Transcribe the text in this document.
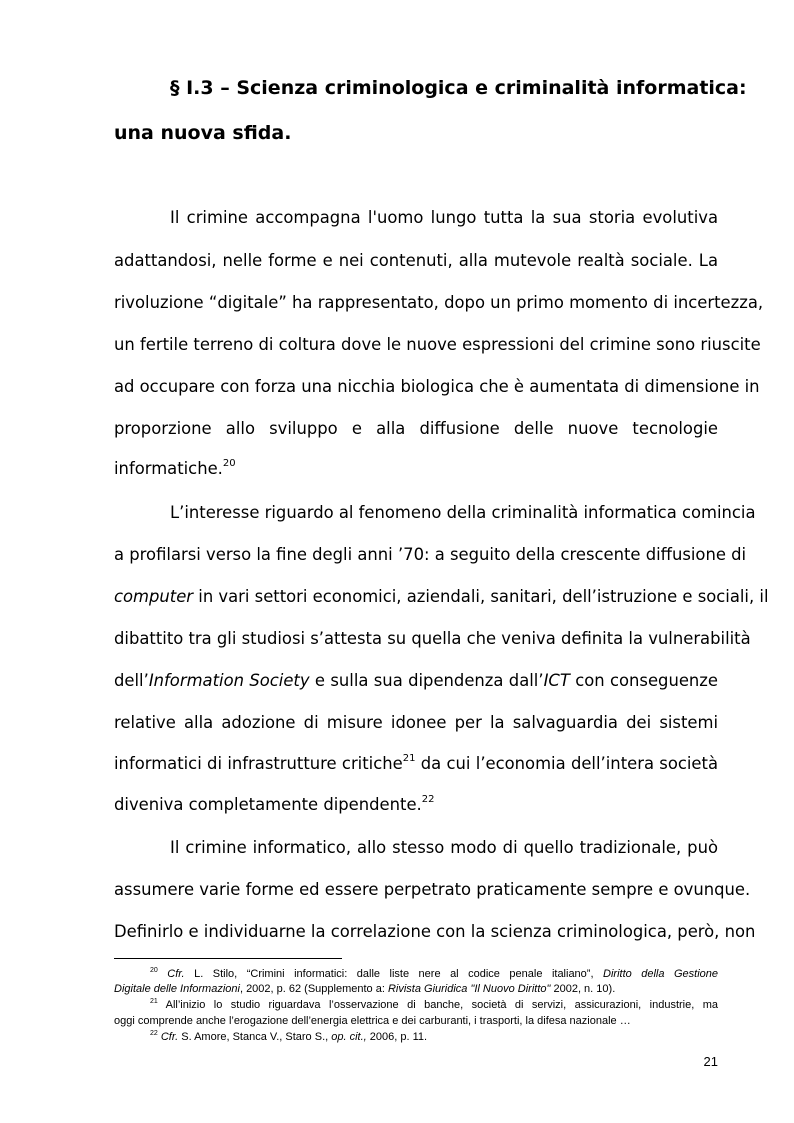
§ I.3 – Scienza criminologica e criminalità informatica:
una nuova sfida.
Il crimine accompagna l'uomo lungo tutta la sua storia evolutiva
adattandosi, nelle forme e nei contenuti, alla mutevole realtà sociale. La
rivoluzione “digitale” ha rappresentato, dopo un primo momento di incertezza,
un fertile terreno di coltura dove le nuove espressioni del crimine sono riuscite
ad occupare con forza una nicchia biologica che è aumentata di dimensione in
proporzione allo sviluppo e alla diffusione delle nuove tecnologie
informatiche.$^{20}$
L’interesse riguardo al fenomeno della criminalità informatica comincia
a profilarsi verso la fine degli anni ’70: a seguito della crescente diffusione di
computer in vari settori economici, aziendali, sanitari, dell’istruzione e sociali, il
dibattito tra gli studiosi s’attesta su quella che veniva definita la vulnerabilità
dell’Information Society e sulla sua dipendenza dall’ICT con conseguenze
relative alla adozione di misure idonee per la salvaguardia dei sistemi
informatici di infrastrutture critiche$^{21}$ da cui l’economia dell’intera società
diveniva completamente dipendente.$^{22}$
Il crimine informatico, allo stesso modo di quello tradizionale, può
assumere varie forme ed essere perpetrato praticamente sempre e ovunque.
Definirlo e individuarne la correlazione con la scienza criminologica, però, non
$^{20}$ Cfr. L. Stilo, “Crimini informatici: dalle liste nere al codice penale italiano”, Diritto della Gestione
Digitale delle Informazioni, 2002, p. 62 (Supplemento a: Rivista Giuridica "Il Nuovo Diritto" 2002, n. 10).
$^{21}$ All’inizio lo studio riguardava l’osservazione di banche, società di servizi, assicurazioni, industrie, ma
oggi comprende anche l’erogazione dell’energia elettrica e dei carburanti, i trasporti, la difesa nazionale …
$^{22}$ Cfr. S. Amore, Stanca V., Staro S., op. cit., 2006, p. 11.
21
